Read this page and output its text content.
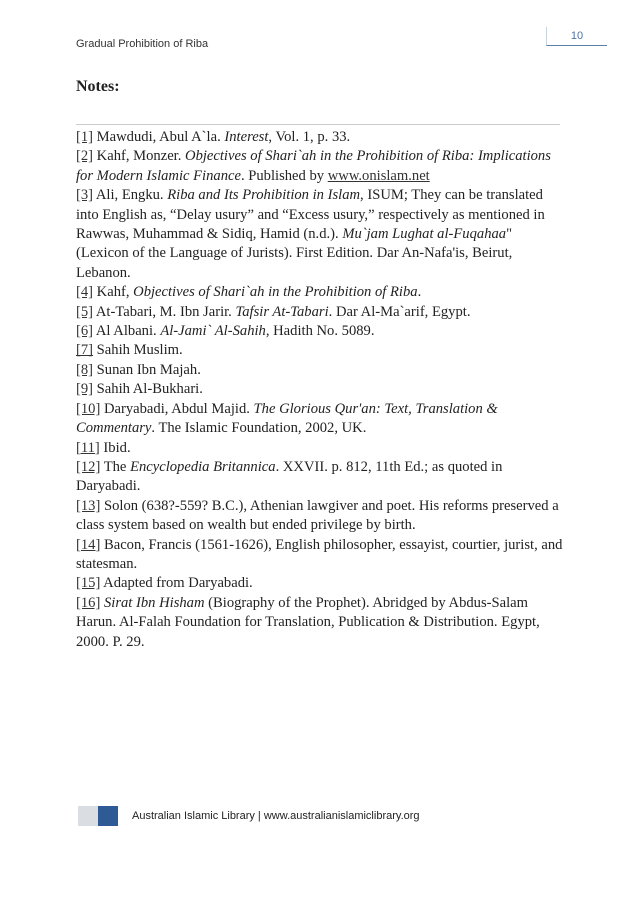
Gradual Prohibition of Riba
10
Notes:

[1] Mawdudi, Abul A`la. Interest, Vol. 1, p. 33.

[2] Kahf, Monzer. Objectives of Shari`ah in the Prohibition of Riba: Implications for Modern Islamic Finance. Published by www.onislam.net

[3] Ali, Engku. Riba and Its Prohibition in Islam, ISUM; They can be translated into English as, “Delay usury” and “Excess usury,” respectively as mentioned in Rawwas, Muhammad & Sidiq, Hamid (n.d.). Mu`jam Lughat al-Fuqahaa" (Lexicon of the Language of Jurists). First Edition. Dar An-Nafa'is, Beirut, Lebanon.

[4] Kahf, Objectives of Shari`ah in the Prohibition of Riba.

[5] At-Tabari, M. Ibn Jarir. Tafsir At-Tabari. Dar Al-Ma`arif, Egypt.

[6] Al Albani. Al-Jami` Al-Sahih, Hadith No. 5089.

[7] Sahih Muslim.

[8] Sunan Ibn Majah.

[9] Sahih Al-Bukhari.

[10] Daryabadi, Abdul Majid. The Glorious Qur'an: Text, Translation & Commentary. The Islamic Foundation, 2002, UK.

[11] Ibid.

[12] The Encyclopedia Britannica. XXVII. p. 812, 11th Ed.; as quoted in Daryabadi.

[13] Solon (638?-559? B.C.), Athenian lawgiver and poet. His reforms preserved a class system based on wealth but ended privilege by birth.

[14] Bacon, Francis (1561-1626), English philosopher, essayist, courtier, jurist, and statesman.

[15] Adapted from Daryabadi.

[16] Sirat Ibn Hisham (Biography of the Prophet). Abridged by Abdus-Salam Harun. Al-Falah Foundation for Translation, Publication & Distribution. Egypt, 2000. P. 29.

Australian Islamic Library | www.australianislamiclibrary.org
